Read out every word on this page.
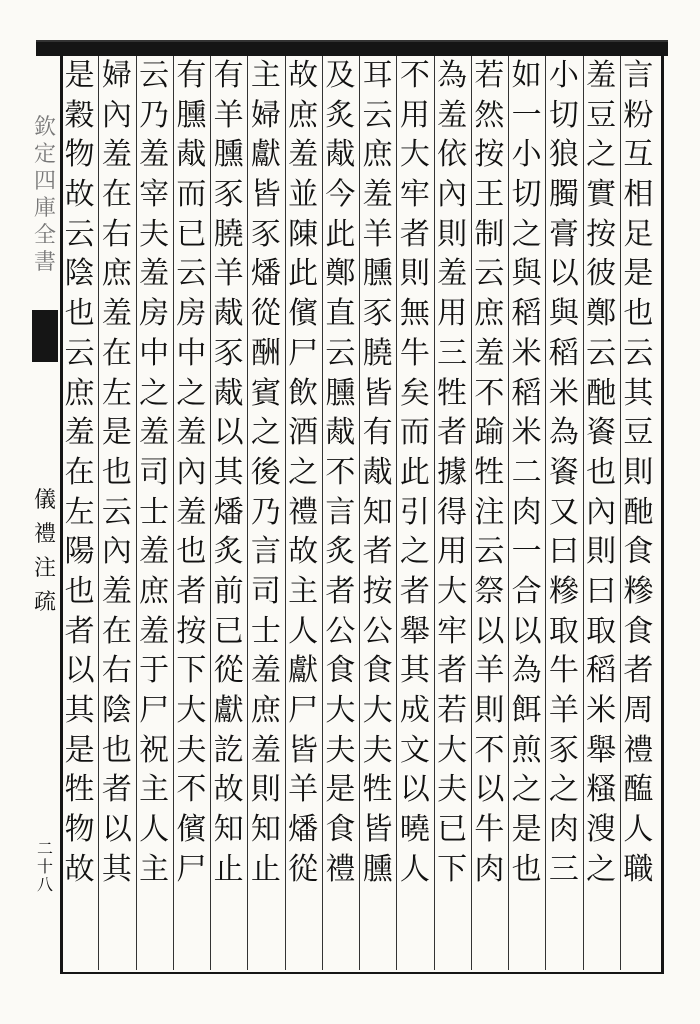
欽
定
四
庫
全
書
儀
禮
注
疏
二
十
八
言
粉
互
相
足
是
也
云
其
豆
則
酏
食
糝
食
者
周
禮
醢
人
職
羞
豆
之
實
按
彼
鄭
云
酏
餈
也
內
則
曰
取
稻
米
舉
糔
溲
之
小
切
狼
臅
膏
以
與
稻
米
為
餈
又
曰
糝
取
牛
羊
豕
之
肉
三
如
一
小
切
之
與
稻
米
稻
米
二
肉
一
合
以
為
餌
煎
之
是
也
若
然
按
王
制
云
庶
羞
不
踰
牲
注
云
祭
以
羊
則
不
以
牛
肉
為
羞
依
內
則
羞
用
三
牲
者
據
得
用
大
牢
者
若
大
夫
已
下
不
用
大
牢
者
則
無
牛
矣
而
此
引
之
者
舉
其
成
文
以
曉
人
耳
云
庶
羞
羊
臐
豕
膮
皆
有
胾
知
者
按
公
食
大
夫
牲
皆
臐
及
炙
胾
今
此
鄭
直
云
臐
胾
不
言
炙
者
公
食
大
夫
是
食
禮
故
庶
羞
並
陳
此
儐
尸
飲
酒
之
禮
故
主
人
獻
尸
皆
羊
燔
從
主
婦
獻
皆
豕
燔
從
酬
賓
之
後
乃
言
司
士
羞
庶
羞
則
知
止
有
羊
臐
豕
膮
羊
胾
豕
胾
以
其
燔
炙
前
已
從
獻
訖
故
知
止
有
臐
胾
而
已
云
房
中
之
羞
內
羞
也
者
按
下
大
夫
不
儐
尸
云
乃
羞
宰
夫
羞
房
中
之
羞
司
士
羞
庶
羞
于
尸
祝
主
人
主
婦
內
羞
在
右
庶
羞
在
左
是
也
云
內
羞
在
右
陰
也
者
以
其
是
穀
物
故
云
陰
也
云
庶
羞
在
左
陽
也
者
以
其
是
牲
物
故
